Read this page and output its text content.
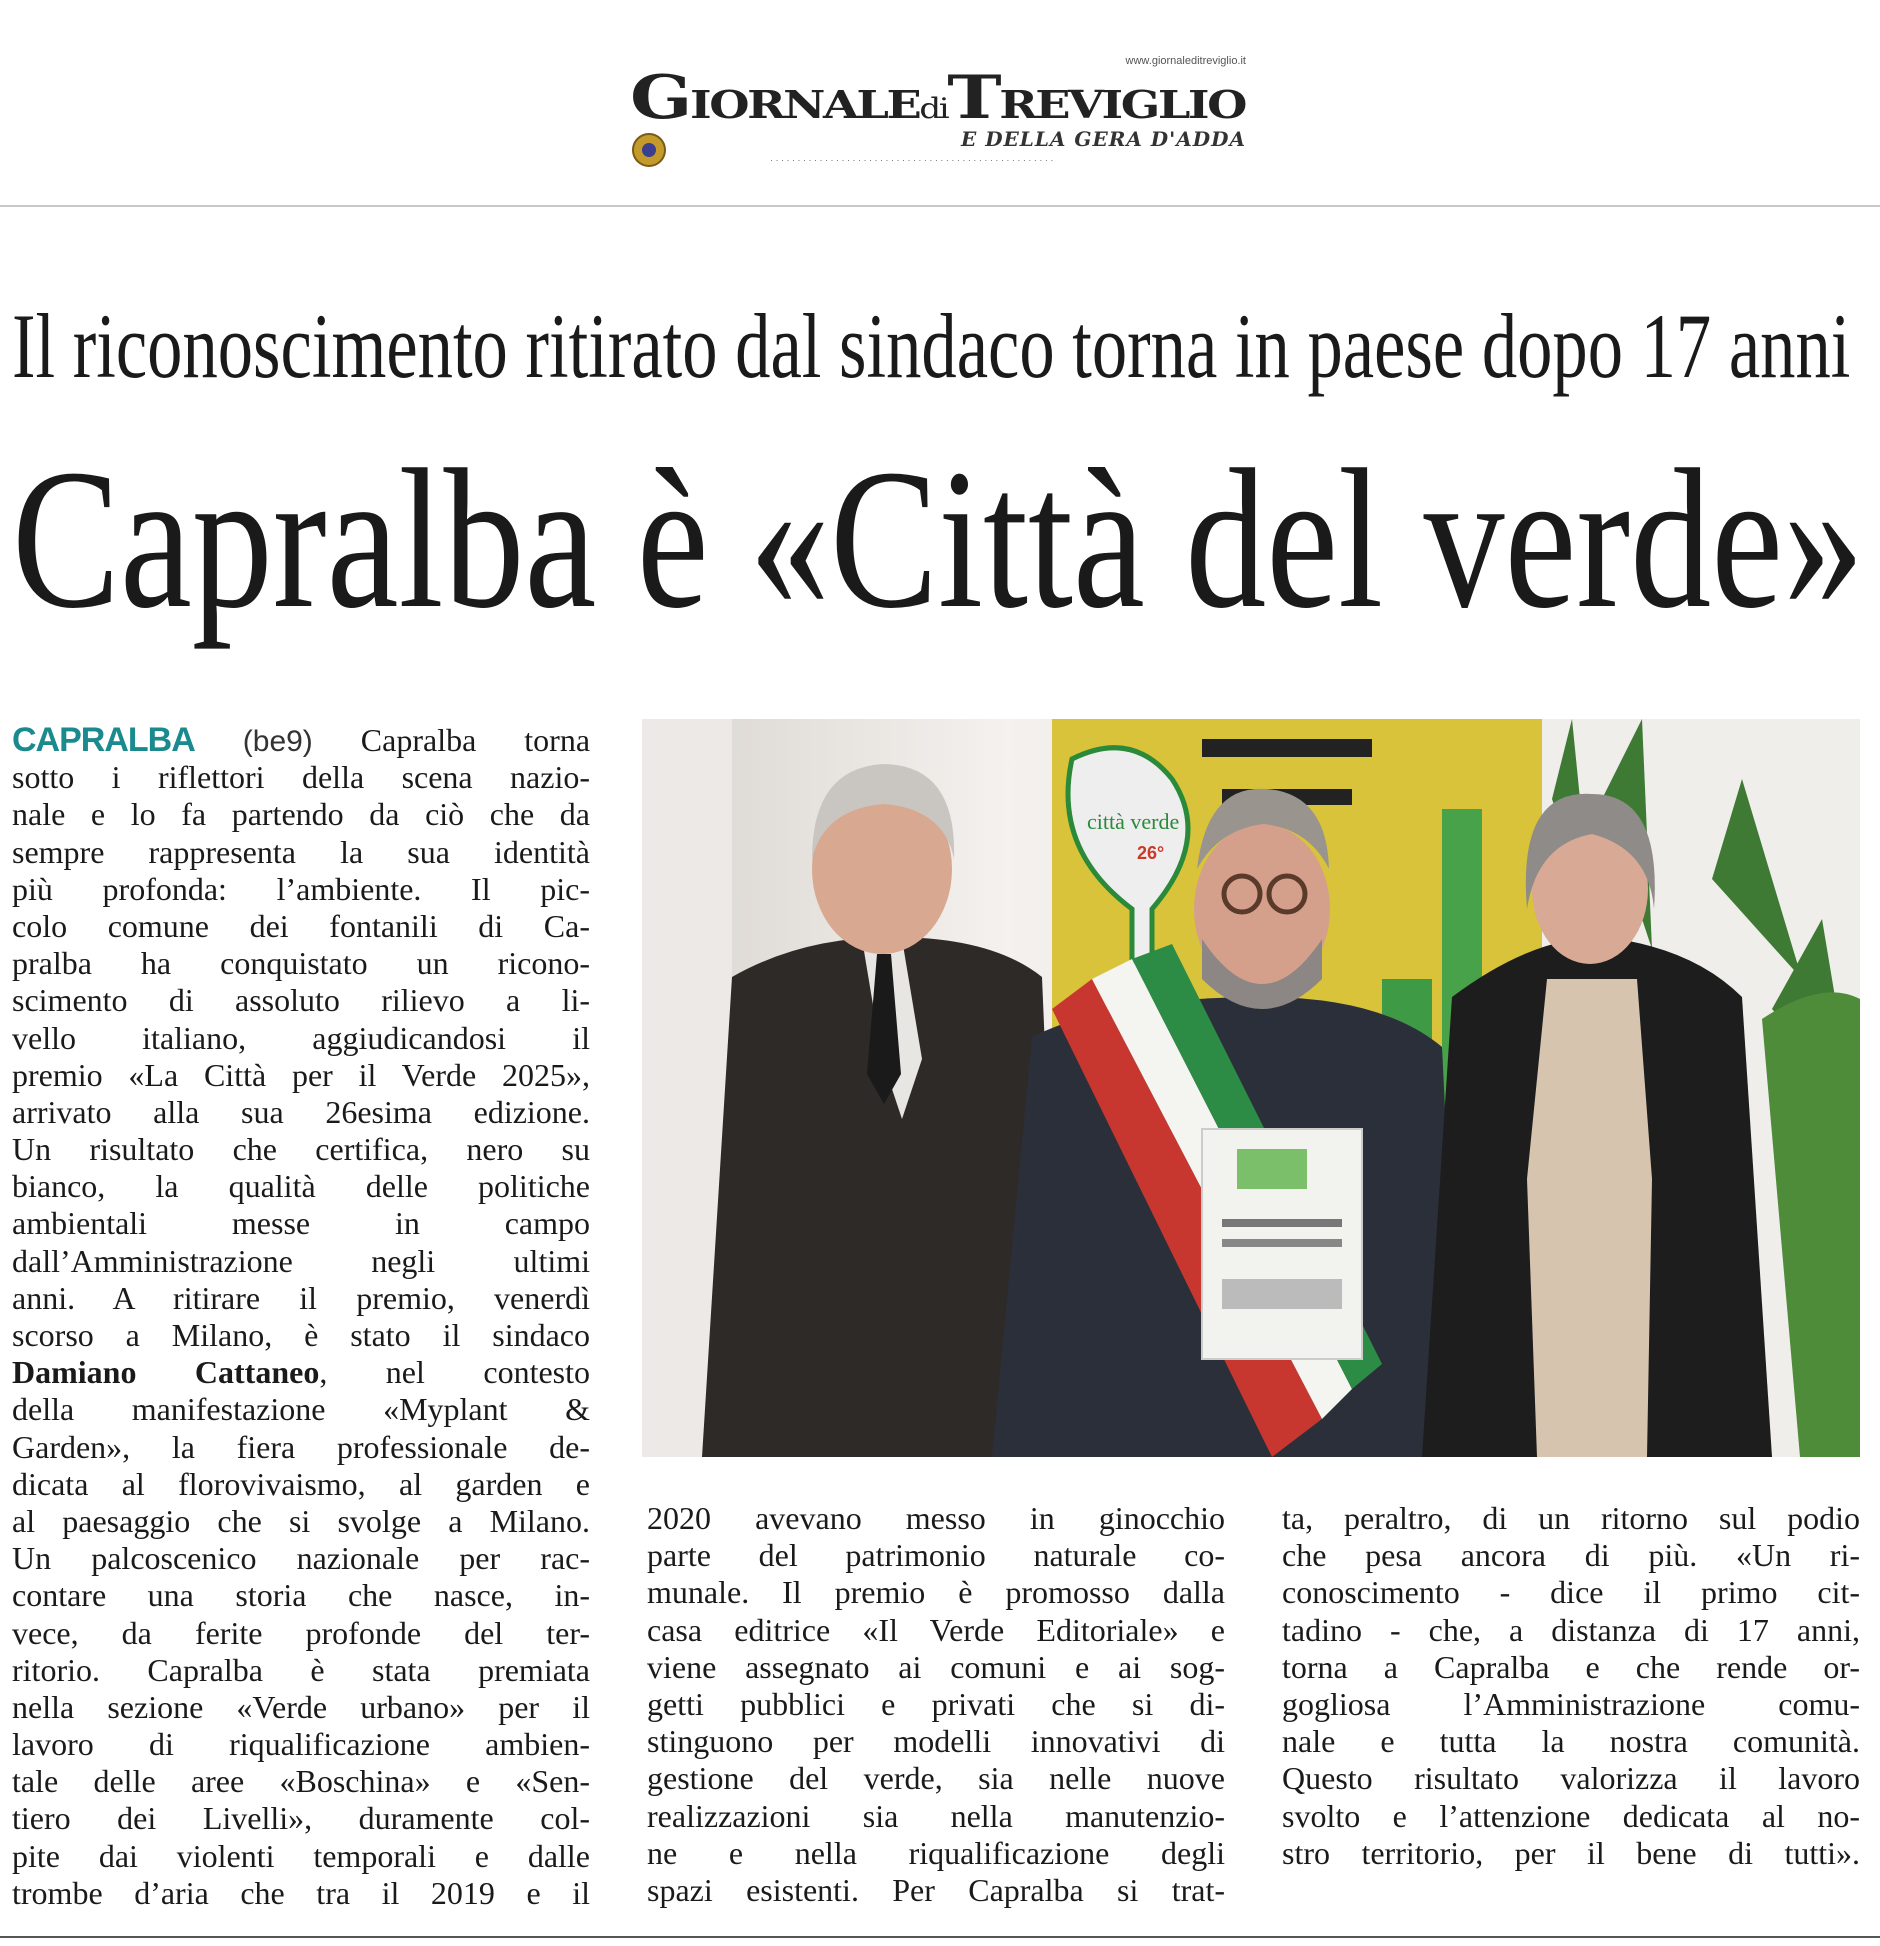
www.giornaleditreviglio.it
GIORNALEdiTREVIGLIO
E DELLA GERA D'ADDA
· · · · · · · · · · · · · · · · · · · · · · · · · · · · · · · · · · · · · · · · · · · · · · · · · · · ·
Il riconoscimento ritirato dal sindaco torna in paese dopo 17 anni
Capralba è «Città del verde»
CAPRALBA (be9) Capralba torna
sotto i riflettori della scena nazio-
nale e lo fa partendo da ciò che da
sempre rappresenta la sua identità
più profonda: l’ambiente. Il pic-
colo comune dei fontanili di Ca-
pralba ha conquistato un ricono-
scimento di assoluto rilievo a li-
vello italiano, aggiudicandosi il
premio «La Città per il Verde 2025»,
arrivato alla sua 26esima edizione.
Un risultato che certifica, nero su
bianco, la qualità delle politiche
ambientali messe in campo
dall’Amministrazione negli ultimi
anni. A ritirare il premio, venerdì
scorso a Milano, è stato il sindaco
Damiano Cattaneo, nel contesto
della manifestazione «Myplant &
Garden», la fiera professionale de-
dicata al florovivaismo, al garden e
al paesaggio che si svolge a Milano.
Un palcoscenico nazionale per rac-
contare una storia che nasce, in-
vece, da ferite profonde del ter-
ritorio. Capralba è stata premiata
nella sezione «Verde urbano» per il
lavoro di riqualificazione ambien-
tale delle aree «Boschina» e «Sen-
tiero dei Livelli», duramente col-
pite dai violenti temporali e dalle
trombe d’aria che tra il 2019 e il
città verde
26°
2020 avevano messo in ginocchio
parte del patrimonio naturale co-
munale. Il premio è promosso dalla
casa editrice «Il Verde Editoriale» e
viene assegnato ai comuni e ai sog-
getti pubblici e privati che si di-
stinguono per modelli innovativi di
gestione del verde, sia nelle nuove
realizzazioni sia nella manutenzio-
ne e nella riqualificazione degli
spazi esistenti. Per Capralba si trat-
ta, peraltro, di un ritorno sul podio
che pesa ancora di più. «Un ri-
conoscimento - dice il primo cit-
tadino - che, a distanza di 17 anni,
torna a Capralba e che rende or-
gogliosa l’Amministrazione comu-
nale e tutta la nostra comunità.
Questo risultato valorizza il lavoro
svolto e l’attenzione dedicata al no-
stro territorio, per il bene di tutti».
